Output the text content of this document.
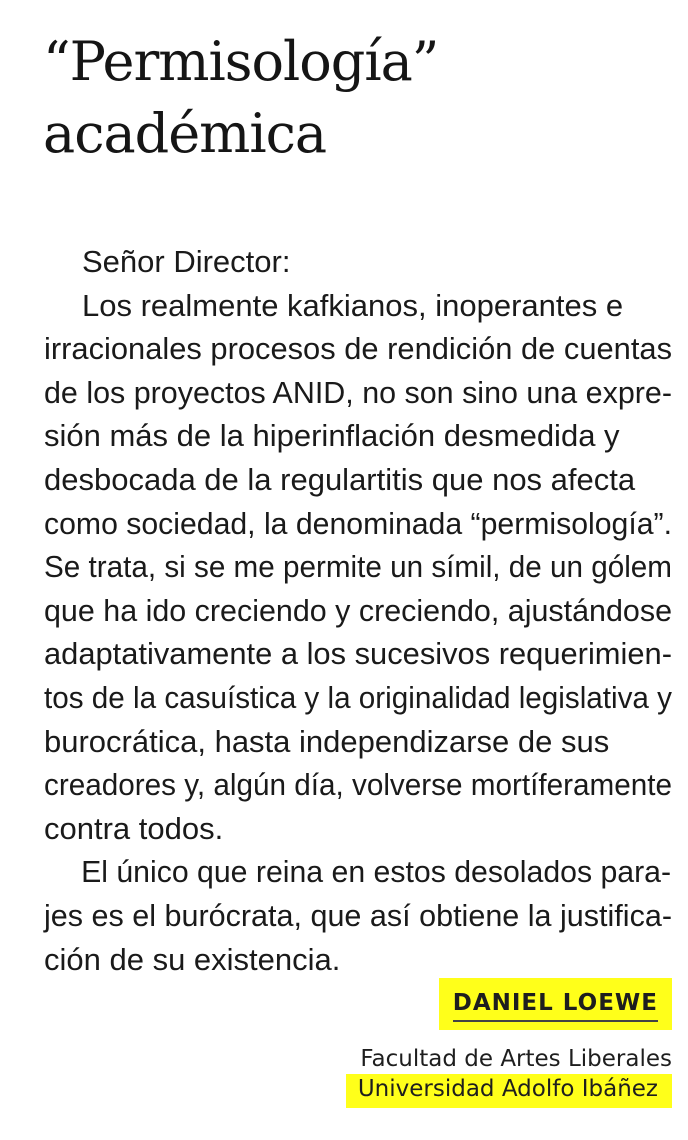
“Permisología”
académica
Señor Director:
Los realmente kafkianos, inoperantes e
irracionales procesos de rendición de cuentas
de los proyectos ANID, no son sino una expre-
sión más de la hiperinflación desmedida y
desbocada de la regulartitis que nos afecta
como sociedad, la denominada “permisología”.
Se trata, si se me permite un símil, de un gólem
que ha ido creciendo y creciendo, ajustándose
adaptativamente a los sucesivos requerimien-
tos de la casuística y la originalidad legislativa y
burocrática, hasta independizarse de sus
creadores y, algún día, volverse mortíferamente
contra todos.
El único que reina en estos desolados para-
jes es el burócrata, que así obtiene la justifica-
ción de su existencia.
DANIEL LOEWE
Facultad de Artes Liberales
Universidad Adolfo Ibáñez
